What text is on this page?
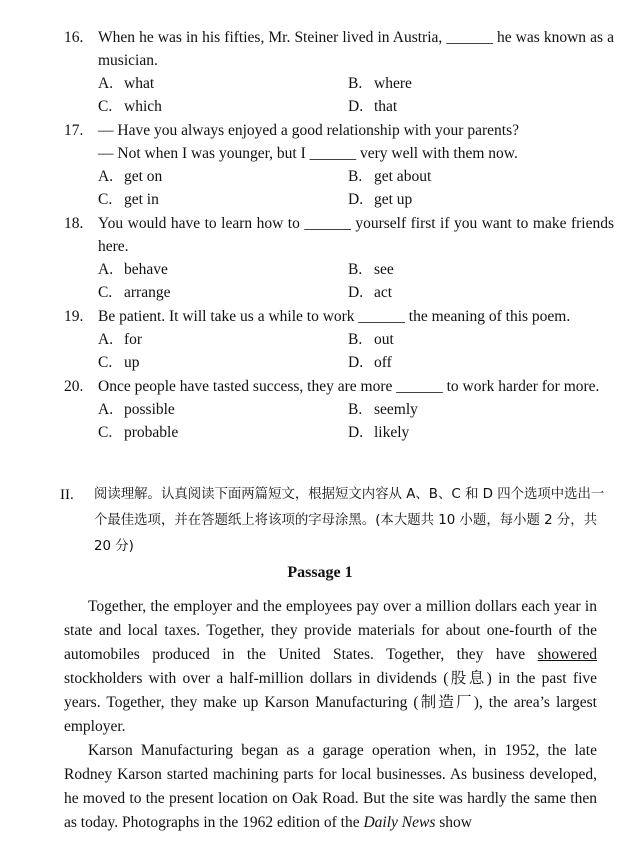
16. When he was in his fifties, Mr. Steiner lived in Austria, ______ he was known as a musician.
A. what	B. where
C. which	D. that
17. — Have you always enjoyed a good relationship with your parents?
— Not when I was younger, but I ______ very well with them now.
A. get on	B. get about
C. get in	D. get up
18. You would have to learn how to ______ yourself first if you want to make friends here.
A. behave	B. see
C. arrange	D. act
19. Be patient. It will take us a while to work ______ the meaning of this poem.
A. for	B. out
C. up	D. off
20. Once people have tasted success, they are more ______ to work harder for more.
A. possible	B. seemly
C. probable	D. likely
II. 阅读理解。认真阅读下面两篇短文，根据短文内容从 A、B、C 和 D 四个选项中选出一个最佳选项，并在答题纸上将该项的字母涂黑。(本大题共 10 小题，每小题 2 分，共 20 分)
Passage 1
Together, the employer and the employees pay over a million dollars each year in state and local taxes. Together, they provide materials for about one-fourth of the automobiles produced in the United States. Together, they have showered stockholders with over a half-million dollars in dividends (股息) in the past five years. Together, they make up Karson Manufacturing (制造厂), the area’s largest employer.
Karson Manufacturing began as a garage operation when, in 1952, the late Rodney Karson started machining parts for local businesses. As business developed, he moved to the present location on Oak Road. But the site was hardly the same then as today. Photographs in the 1962 edition of the Daily News show
